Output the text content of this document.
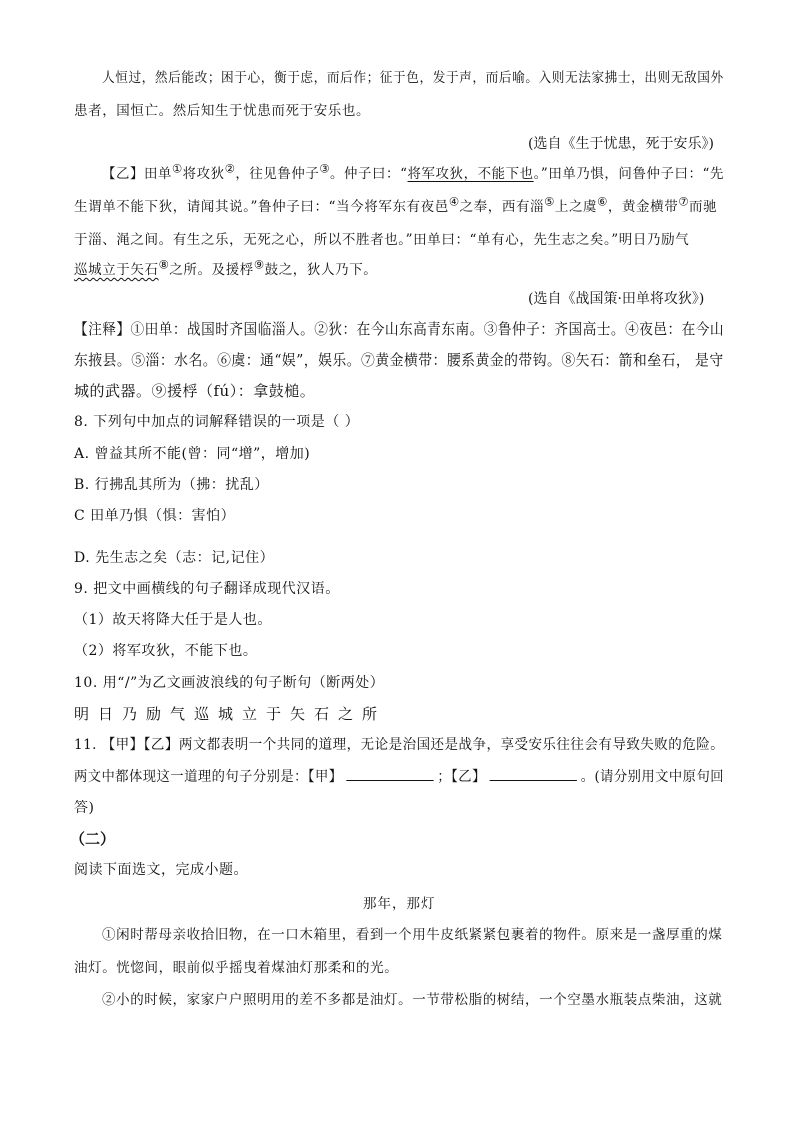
人恒过，然后能改；困于心，衡于虑，而后作；征于色，发于声，而后喻。入则无法家拂士，出则无敌国外
患者，国恒亡。然后知生于忧患而死于安乐也。
(选自《生于忧患，死于安乐》)
【乙】田单①将攻狄②，往见鲁仲子③。仲子曰：“将军攻狄，不能下也。”田单乃惧，问鲁仲子曰：“先
生谓单不能下狄，请闻其说。”鲁仲子曰：“当今将军东有夜邑④之奉，西有淄⑤上之虞⑥，黄金横带⑦而驰
于淄、渑之间。有生之乐，无死之心，所以不胜者也。”田单曰：“单有心，先生志之矣。”明日乃励气
巡城立于矢石⑧之所。及援桴⑨鼓之，狄人乃下。
(选自《战国策·田单将攻狄》)
【注释】①田单：战国时齐国临淄人。②狄：在今山东高青东南。③鲁仲子：齐国高士。④夜邑：在今山
东掖县。⑤淄：水名。⑥虞：通“娱”，娱乐。⑦黄金横带：腰系黄金的带钩。⑧矢石：箭和垒石， 是守
城的武器。⑨援桴（fú）：拿鼓槌。
8. 下列句中加点的词解释错误的一项是（ ）
A. 曾益其所不能(曾：同“增”，增加)
B. 行拂乱其所为（拂：扰乱）
C 田单乃惧（惧：害怕）
D. 先生志之矣（志：记,记住）
9. 把文中画横线的句子翻译成现代汉语。
（1）故天将降大任于是人也。
（2）将军攻狄，不能下也。
10. 用“/”为乙文画波浪线的句子断句（断两处）
明日乃励气巡城立于矢石之所
11. 【甲】【乙】两文都表明一个共同的道理，无论是治国还是战争，享受安乐往往会有导致失败的危险。
两文中都体现这一道理的句子分别是：【甲】	；【乙】	。(请分别用文中原句回
答)
（二）
阅读下面选文，完成小题。
那年，那灯
①闲时帮母亲收拾旧物，在一口木箱里，看到一个用牛皮纸紧紧包裹着的物件。原来是一盏厚重的煤
油灯。恍惚间，眼前似乎摇曳着煤油灯那柔和的光。
②小的时候，家家户户照明用的差不多都是油灯。一节带松脂的树结，一个空墨水瓶装点柴油，这就
